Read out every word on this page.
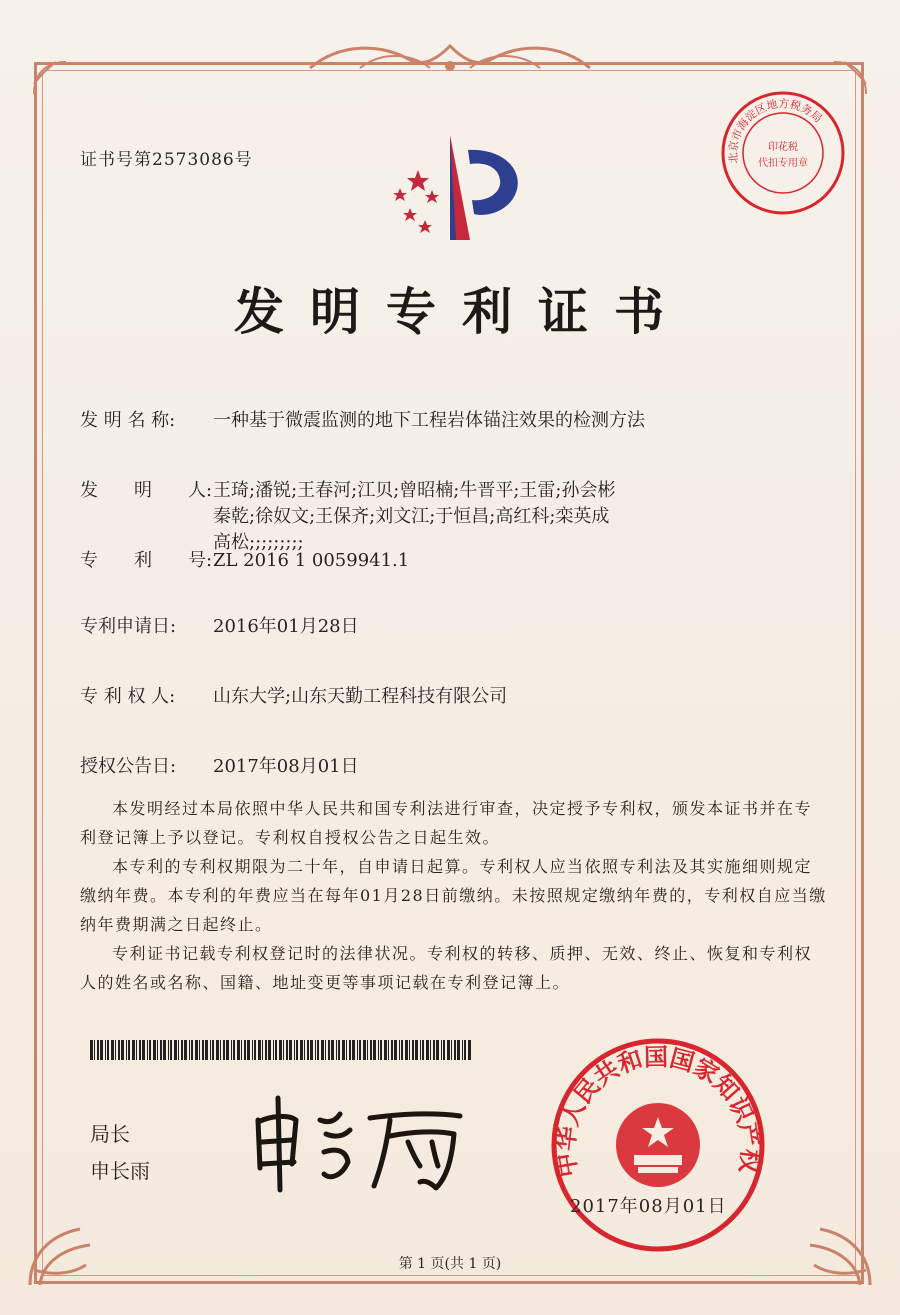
证书号第2573086号	北京市海淀区地方税务局
印花税
代扣专用章
发明专利证书
发 明 名 称: 一种基于微震监测的地下工程岩体锚注效果的检测方法
发　　明　　人: 王琦;潘锐;王春河;江贝;曾昭楠;牛晋平;王雷;孙会彬
秦乾;徐奴文;王保齐;刘文江;于恒昌;高红科;栾英成
高松;;;;;;;;;
专　　利　　号:ZL 2016 1 0059941.1
专利申请日: 2016年01月28日
专 利 权 人: 山东大学;山东天勤工程科技有限公司
授权公告日: 2017年08月01日

本发明经过本局依照中华人民共和国专利法进行审查，决定授予专利权，颁发本证书并在专利登记簿上予以登记。专利权自授权公告之日起生效。

本专利的专利权期限为二十年，自申请日起算。专利权人应当依照专利法及其实施细则规定缴纳年费。本专利的年费应当在每年01月28日前缴纳。未按照规定缴纳年费的，专利权自应当缴纳年费期满之日起终止。

专利证书记载专利权登记时的法律状况。专利权的转移、质押、无效、终止、恢复和专利权人的姓名或名称、国籍、地址变更等事项记载在专利登记簿上。

局长
申长雨	中华人民共和国国家知识产权
2017年08月01日
第 1 页(共 1 页)
